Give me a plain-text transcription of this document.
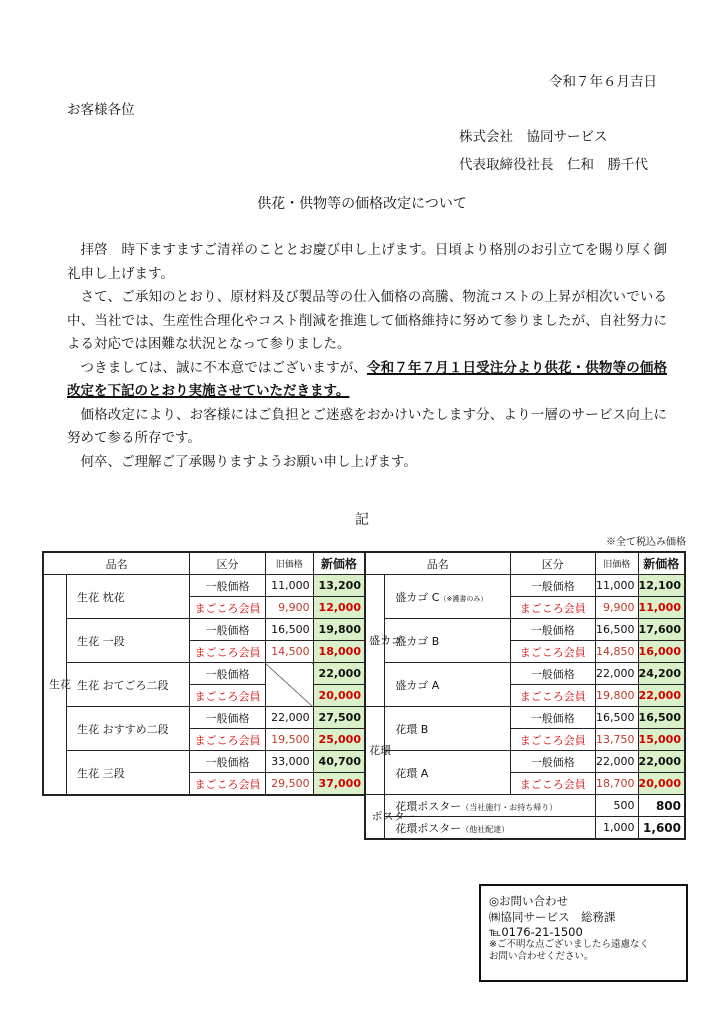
令和７年６月吉日
お客様各位
株式会社　協同サービス
代表取締役社長　仁和　勝千代
供花・供物等の価格改定について

拝啓　時下ますますご清祥のこととお慶び申し上げます。日頃より格別のお引立てを賜り厚く御礼申し上げます。

さて、ご承知のとおり、原材料及び製品等の仕入価格の高騰、物流コストの上昇が相次いでいる中、当社では、生産性合理化やコスト削減を推進して価格維持に努めて参りましたが、自社努力による対応では困難な状況となって参りました。

つきましては、誠に不本意ではございますが、令和７年７月１日受注分より供花・供物等の価格改定を下記のとおり実施させていただきます。

価格改定により、お客様にはご負担とご迷惑をおかけいたします分、より一層のサービス向上に努めて参る所存です。

何卒、ご理解ご了承賜りますようお願い申し上げます。

記
※全て税込み価格
品名		区分	旧価格	新価格
生花	生花 枕花	一般価格	11,000	13,200
		まごころ会員	9,900	12,000
	生花 一段	一般価格	16,500	19,800
		まごころ会員	14,500	18,000
	生花 おてごろ二段	一般価格		22,000
		まごころ会員		20,000
	生花 おすすめ二段	一般価格	22,000	27,500
		まごころ会員	19,500	25,000
	生花 三段	一般価格	33,000	40,700
		まごころ会員	29,500	37,000
品名		区分	旧価格	新価格
盛カゴ	盛カゴ C（※護書のみ）	一般価格	11,000	12,100
		まごころ会員	9,900	11,000
	盛カゴ B	一般価格	16,500	17,600
		まごころ会員	14,850	16,000
	盛カゴ A	一般価格	22,000	24,200
		まごころ会員	19,800	22,000
花環	花環 B	一般価格	16,500	16,500
		まごころ会員	13,750	15,000
	花環 A	一般価格	22,000	22,000
		まごころ会員	18,700	20,000
ポスター	花環ポスター（当社施行・お持ち帰り）		500	800
	花環ポスター（他社配達）		1,000	1,600
◎お問い合わせ
㈱協同サービス　総務課
℡0176-21-1500
※ご不明な点ございましたら遠慮なく
お問い合わせください。
